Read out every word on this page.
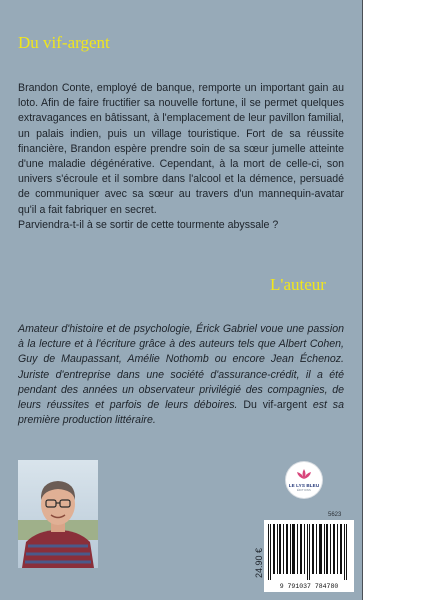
Du vif-argent

Brandon Conte, employé de banque, remporte un important gain au loto. Afin de faire fructifier sa nouvelle fortune, il se permet quelques extravagances en bâtissant, à l'emplacement de leur pavillon familial, un palais indien, puis un village touristique. Fort de sa réussite financière, Brandon espère prendre soin de sa sœur jumelle atteinte d'une maladie dégénérative. Cependant, à la mort de celle-ci, son univers s'écroule et il sombre dans l'alcool et la démence, persuadé de communiquer avec sa sœur au travers d'un mannequin-avatar qu'il a fait fabriquer en secret.

Parviendra-t-il à se sortir de cette tourmente abyssale ?

L'auteur
Amateur d'histoire et de psychologie, Érick Gabriel voue une passion à la lecture et à l'écriture grâce à des auteurs tels que Albert Cohen, Guy de Maupassant, Amélie Nothomb ou encore Jean Échenoz. Juriste d'entreprise dans une société d'assurance-crédit, il a été pendant des années un observateur privilégié des compagnies, de leurs réussites et parfois de leurs déboires. Du vif-argent est sa première production littéraire.
LE LYS BLEU
ÉDITIONS
5623
9 791037 784780
24.90 €
